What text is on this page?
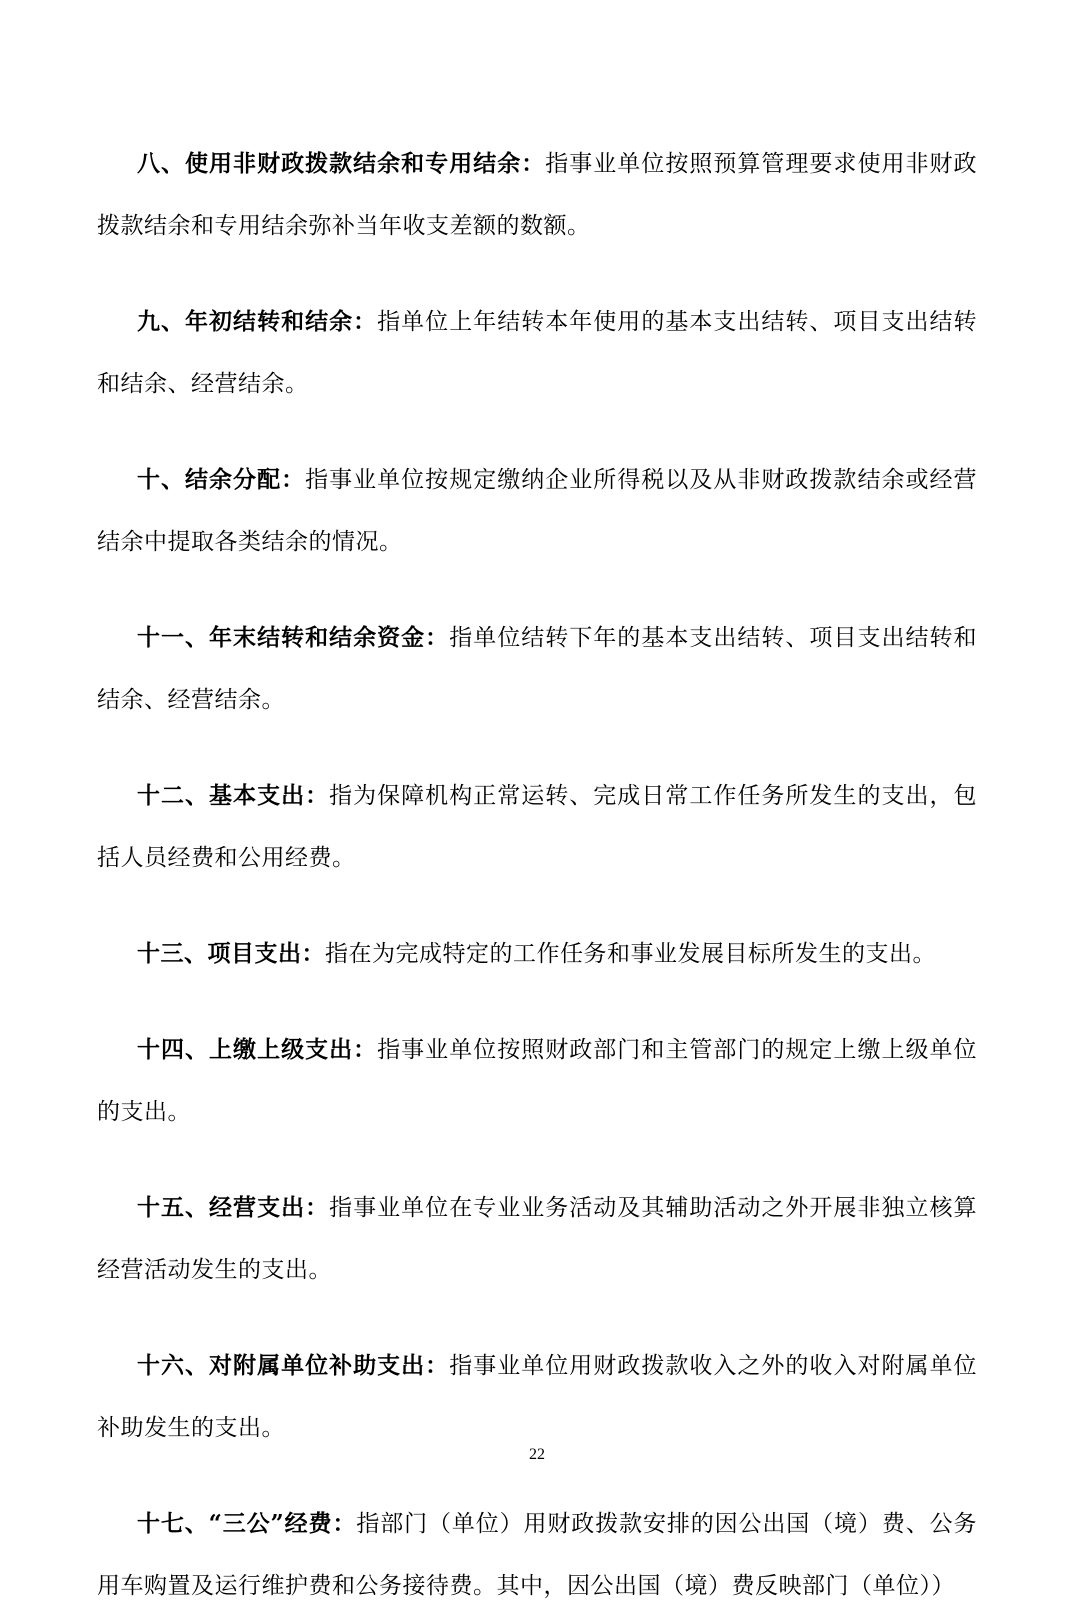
八、使用非财政拨款结余和专用结余：指事业单位按照预算管理要求使用非财政拨款结余和专用结余弥补当年收支差额的数额。

九、年初结转和结余：指单位上年结转本年使用的基本支出结转、项目支出结转和结余、经营结余。

十、结余分配：指事业单位按规定缴纳企业所得税以及从非财政拨款结余或经营结余中提取各类结余的情况。

十一、年末结转和结余资金：指单位结转下年的基本支出结转、项目支出结转和结余、经营结余。

十二、基本支出：指为保障机构正常运转、完成日常工作任务所发生的支出，包括人员经费和公用经费。

十三、项目支出：指在为完成特定的工作任务和事业发展目标所发生的支出。

十四、上缴上级支出：指事业单位按照财政部门和主管部门的规定上缴上级单位的支出。

十五、经营支出：指事业单位在专业业务活动及其辅助活动之外开展非独立核算经营活动发生的支出。

十六、对附属单位补助支出：指事业单位用财政拨款收入之外的收入对附属单位补助发生的支出。

十七、“三公”经费：指部门（单位）用财政拨款安排的因公出国（境）费、公务用车购置及运行维护费和公务接待费。其中，因公出国（境）费反映部门（单位））

22
